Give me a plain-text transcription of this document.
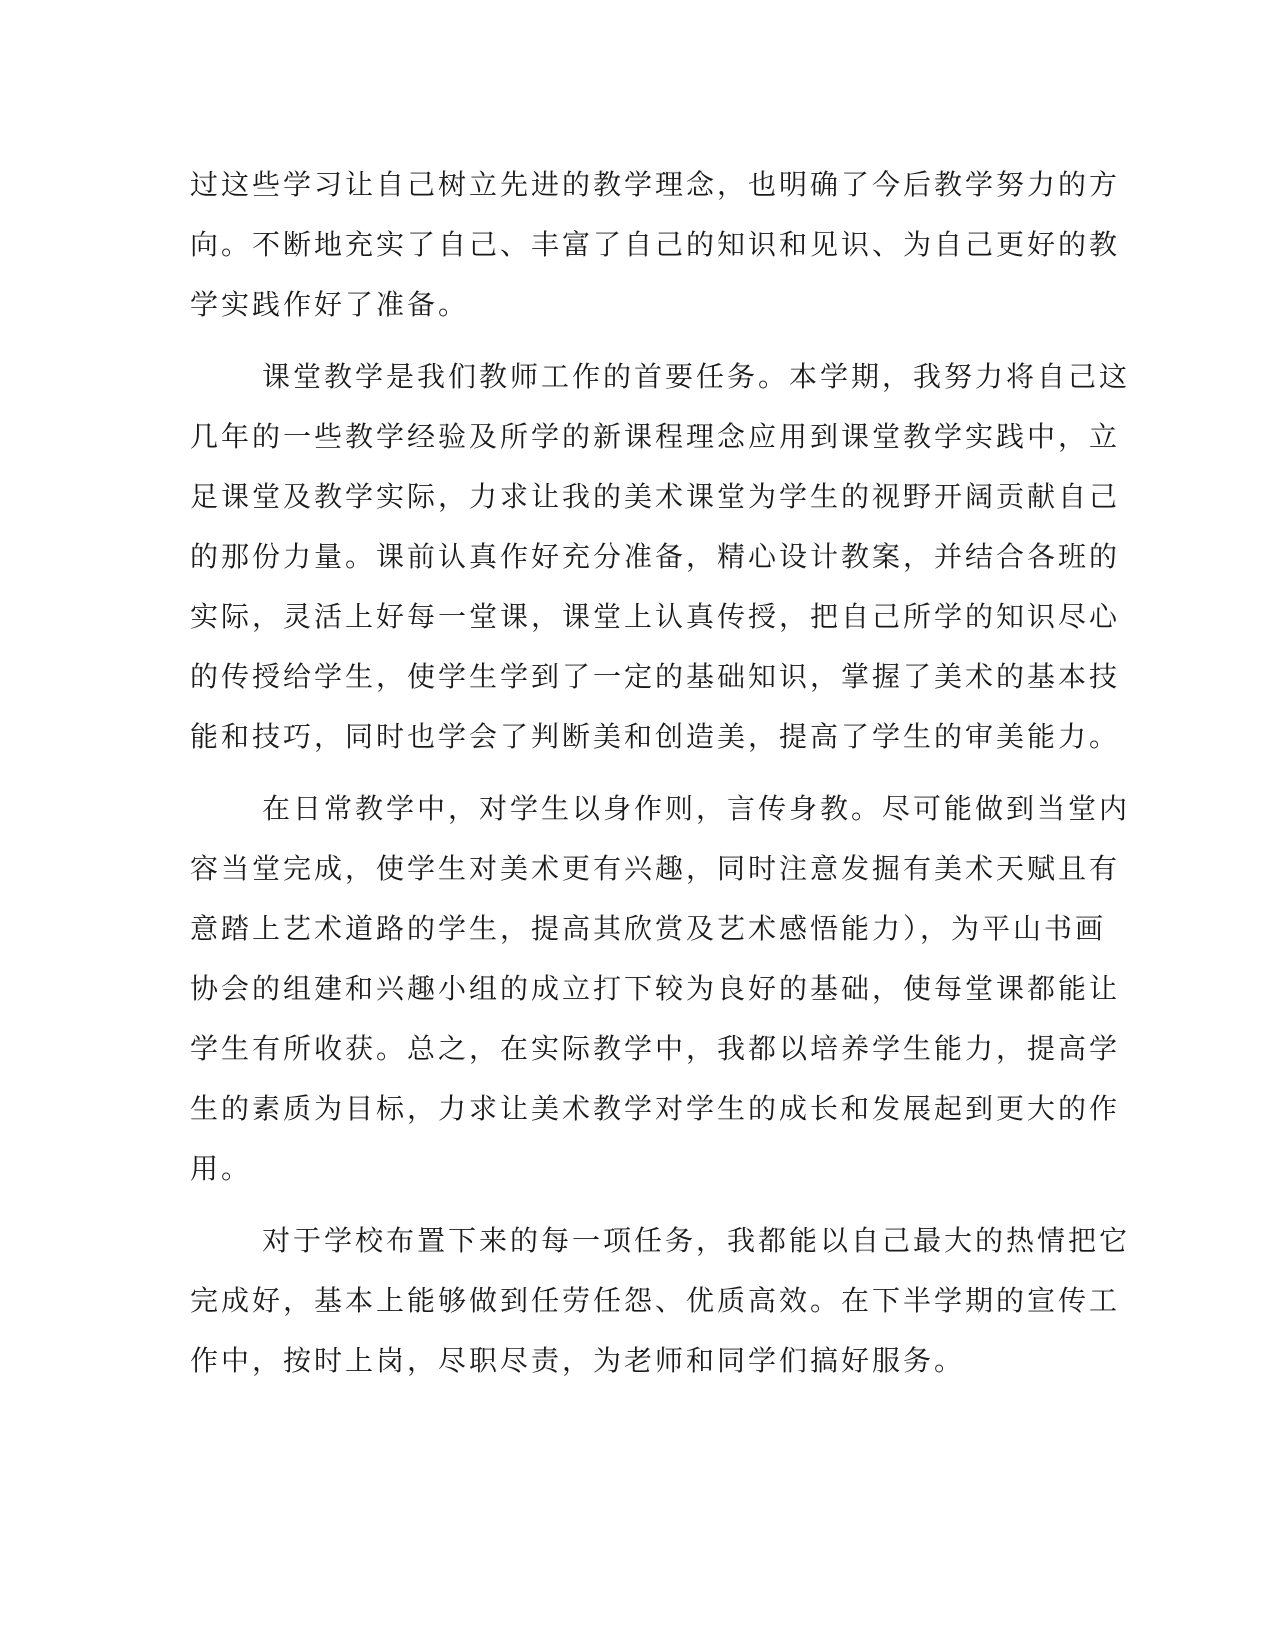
过这些学习让自己树立先进的教学理念，也明确了今后教学努力的方
向。不断地充实了自己、丰富了自己的知识和见识、为自己更好的教
学实践作好了准备。
课堂教学是我们教师工作的首要任务。本学期，我努力将自己这
几年的一些教学经验及所学的新课程理念应用到课堂教学实践中，立
足课堂及教学实际，力求让我的美术课堂为学生的视野开阔贡献自己
的那份力量。课前认真作好充分准备，精心设计教案，并结合各班的
实际，灵活上好每一堂课，课堂上认真传授，把自己所学的知识尽心
的传授给学生，使学生学到了一定的基础知识，掌握了美术的基本技
能和技巧，同时也学会了判断美和创造美，提高了学生的审美能力。
在日常教学中，对学生以身作则，言传身教。尽可能做到当堂内
容当堂完成，使学生对美术更有兴趣，同时注意发掘有美术天赋且有
意踏上艺术道路的学生，提高其欣赏及艺术感悟能力），为平山书画
协会的组建和兴趣小组的成立打下较为良好的基础，使每堂课都能让
学生有所收获。总之，在实际教学中，我都以培养学生能力，提高学
生的素质为目标，力求让美术教学对学生的成长和发展起到更大的作
用。
对于学校布置下来的每一项任务，我都能以自己最大的热情把它
完成好，基本上能够做到任劳任怨、优质高效。在下半学期的宣传工
作中，按时上岗，尽职尽责，为老师和同学们搞好服务。
